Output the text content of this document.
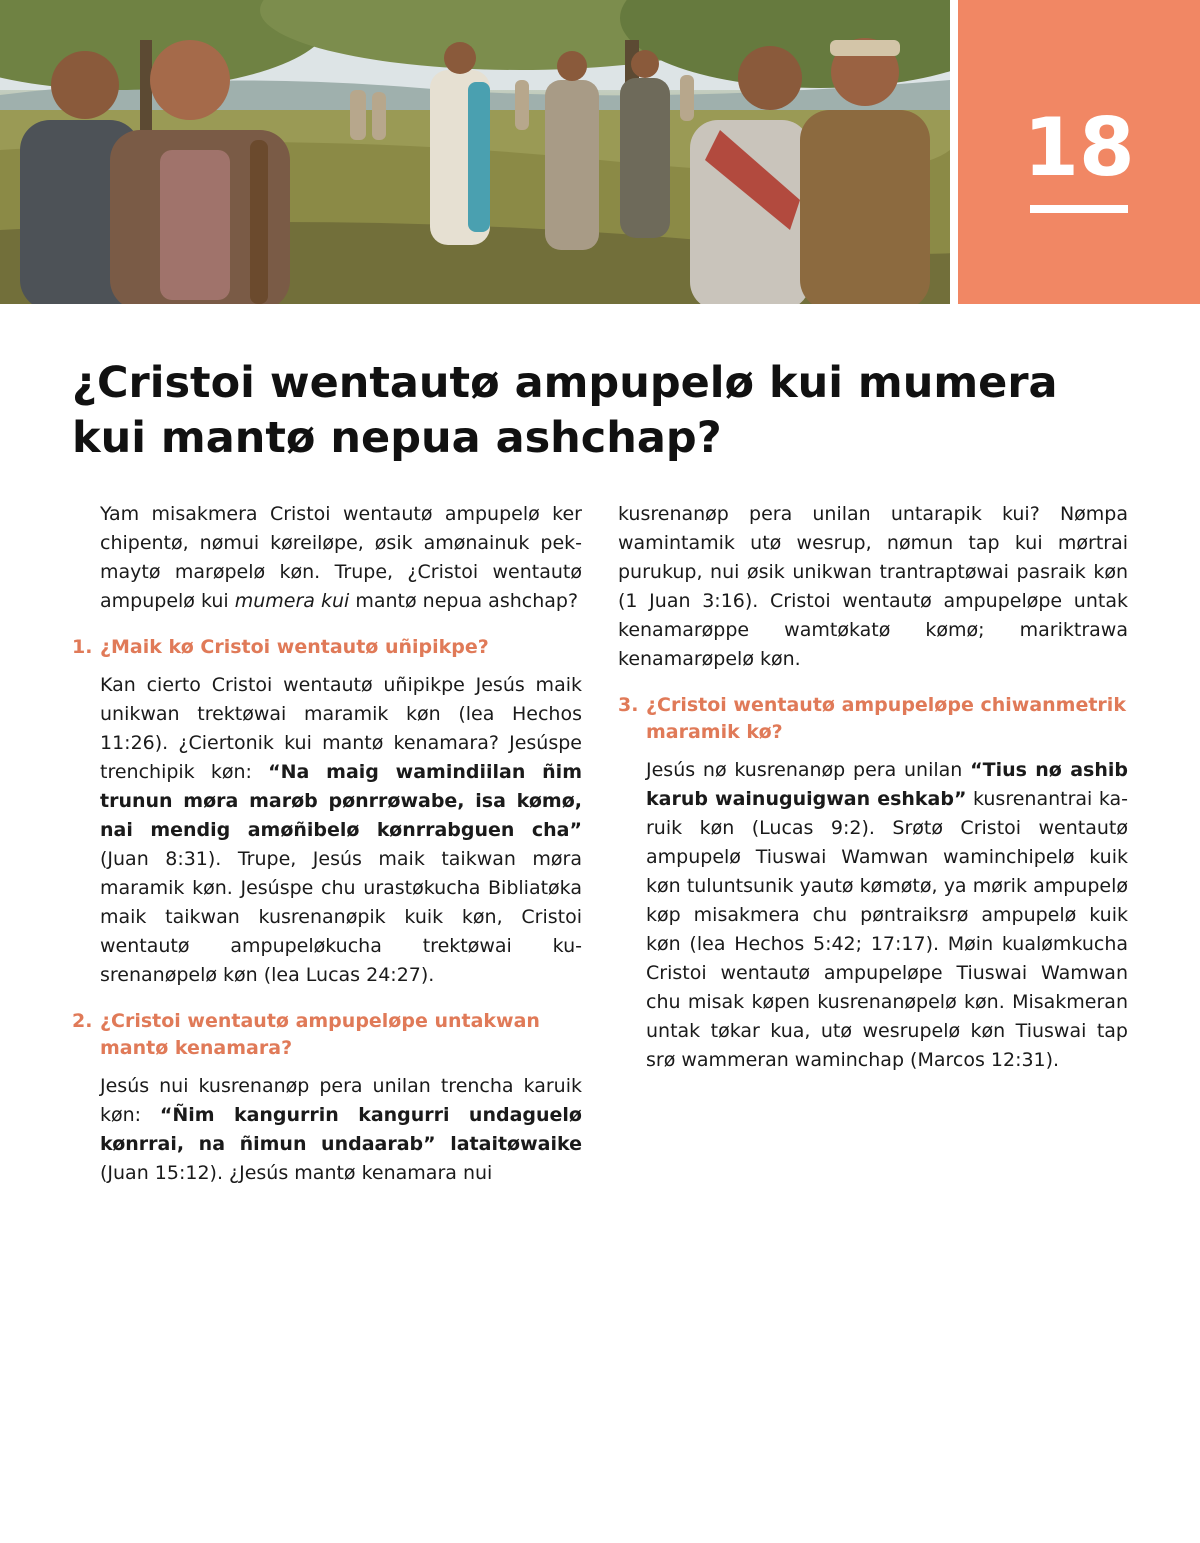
18
¿Cristoi wentautø ampupelø kui mumera kui mantø nepua ashchap?

Yam misakmera Cristoi wentautø ampupelø ker chipentø, nømui køreiløpe, øsik amønainuk pekmaytø marøpelø køn. Trupe, ¿Cristoi wentautø ampupelø kui mumera kui mantø nepua ashchap?

1. ¿Maik kø Cristoi wentautø uñipikpe?

Kan cierto Cristoi wentautø uñipikpe Jesús maik unikwan trektøwai maramik køn (lea Hechos 11:26). ¿Ciertonik kui mantø kenamara? Jesúspe trenchipik køn: “Na maig wamindiilan ñim trunun møra marøb pønrrøwabe, isa kømø, nai mendig amøñibelø kønrrabguen cha” (Juan 8:31). Trupe, Jesús maik taikwan møra maramik køn. Jesúspe chu urastøkucha Bibliatøka maik taikwan kusrenanøpik kuik køn, Cristoi wentautø ampupeløkucha trektøwai kusrenanøpelø køn (lea Lucas 24:27).

2. ¿Cristoi wentautø ampupeløpe untakwan mantø kenamara?

Jesús nui kusrenanøp pera unilan trencha karuik køn: “Ñim kangurrin kangurri undaguelø kønrrai, na ñimun undaarab” lataitøwaike (Juan 15:12). ¿Jesús mantø kenamara nui

kusrenanøp pera unilan untarapik kui? Nømpa wamintamik utø wesrup, nømun tap kui mørtrai purukup, nui øsik unikwan trantraptøwai pasraik køn (1 Juan 3:16). Cristoi wentautø ampupeløpe untak kenamarøppe wamtøkatø kømø; mariktrawa kenamarøpelø køn.

3. ¿Cristoi wentautø ampupeløpe chiwanmetrik maramik kø?

Jesús nø kusrenanøp pera unilan “Tius nø ashib karub wainuguigwan eshkab” kusrenantrai karuik køn (Lucas 9:2). Srøtø Cristoi wentautø ampupelø Tiuswai Wamwan waminchipelø kuik køn tuluntsunik yautø kømøtø, ya mørik ampupelø køp misakmera chu pøntraiksrø ampupelø kuik køn (lea Hechos 5:42; 17:17). Møin kualømkucha Cristoi wentautø ampupeløpe Tiuswai Wamwan chu misak køpen kusrenanøpelø køn. Misakmeran untak tøkar kua, utø wesrupelø køn Tiuswai tap srø wammeran waminchap (Marcos 12:31).
